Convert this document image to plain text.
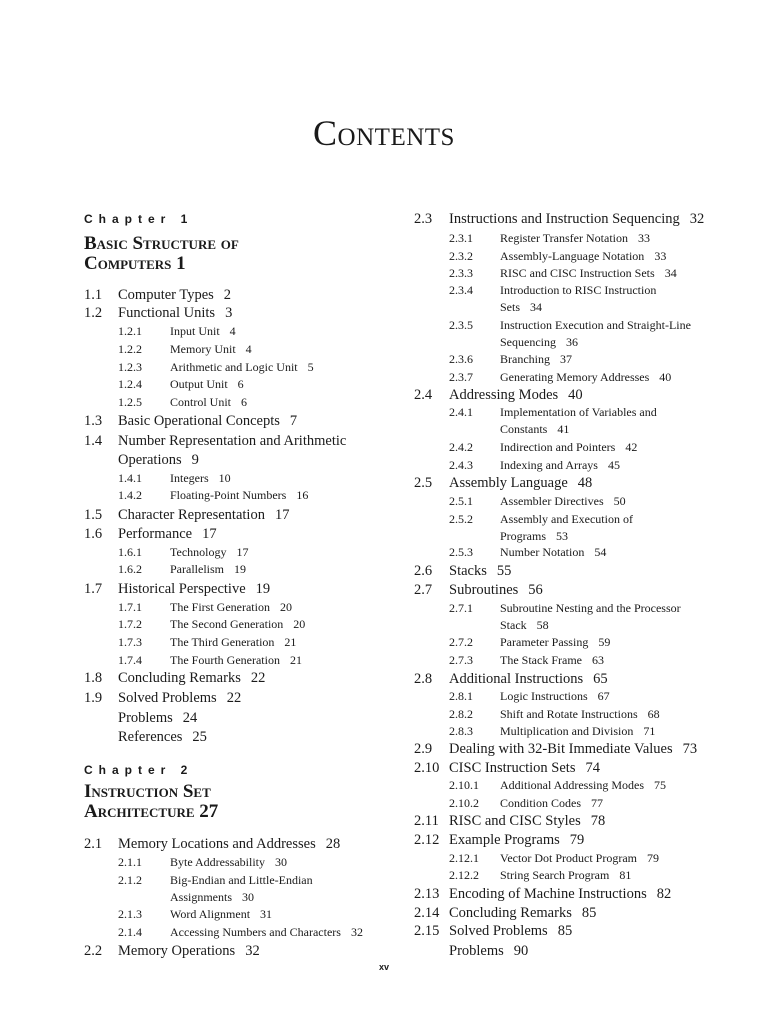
Contents
Chapter 1
Basic Structure of
Computers 1
1.1 Computer Types 2
1.2 Functional Units 3
1.2.1 Input Unit 4
1.2.2 Memory Unit 4
1.2.3 Arithmetic and Logic Unit 5
1.2.4 Output Unit 6
1.2.5 Control Unit 6
1.3 Basic Operational Concepts 7
1.4 Number Representation and Arithmetic
Operations 9
1.4.1 Integers 10
1.4.2 Floating-Point Numbers 16
1.5 Character Representation 17
1.6 Performance 17
1.6.1 Technology 17
1.6.2 Parallelism 19
1.7 Historical Perspective 19
1.7.1 The First Generation 20
1.7.2 The Second Generation 20
1.7.3 The Third Generation 21
1.7.4 The Fourth Generation 21
1.8 Concluding Remarks 22
1.9 Solved Problems 22
Problems 24
References 25
Chapter 2
Instruction Set
Architecture 27
2.1 Memory Locations and Addresses 28
2.1.1 Byte Addressability 30
2.1.2 Big-Endian and Little-Endian
Assignments 30
2.1.3 Word Alignment 31
2.1.4 Accessing Numbers and Characters 32
2.2 Memory Operations 32
2.3 Instructions and Instruction Sequencing 32
2.3.1 Register Transfer Notation 33
2.3.2 Assembly-Language Notation 33
2.3.3 RISC and CISC Instruction Sets 34
2.3.4 Introduction to RISC Instruction
Sets 34
2.3.5 Instruction Execution and Straight-Line
Sequencing 36
2.3.6 Branching 37
2.3.7 Generating Memory Addresses 40
2.4 Addressing Modes 40
2.4.1 Implementation of Variables and
Constants 41
2.4.2 Indirection and Pointers 42
2.4.3 Indexing and Arrays 45
2.5 Assembly Language 48
2.5.1 Assembler Directives 50
2.5.2 Assembly and Execution of
Programs 53
2.5.3 Number Notation 54
2.6 Stacks 55
2.7 Subroutines 56
2.7.1 Subroutine Nesting and the Processor
Stack 58
2.7.2 Parameter Passing 59
2.7.3 The Stack Frame 63
2.8 Additional Instructions 65
2.8.1 Logic Instructions 67
2.8.2 Shift and Rotate Instructions 68
2.8.3 Multiplication and Division 71
2.9 Dealing with 32-Bit Immediate Values 73
2.10 CISC Instruction Sets 74
2.10.1 Additional Addressing Modes 75
2.10.2 Condition Codes 77
2.11 RISC and CISC Styles 78
2.12 Example Programs 79
2.12.1 Vector Dot Product Program 79
2.12.2 String Search Program 81
2.13 Encoding of Machine Instructions 82
2.14 Concluding Remarks 85
2.15 Solved Problems 85
Problems 90
xv
